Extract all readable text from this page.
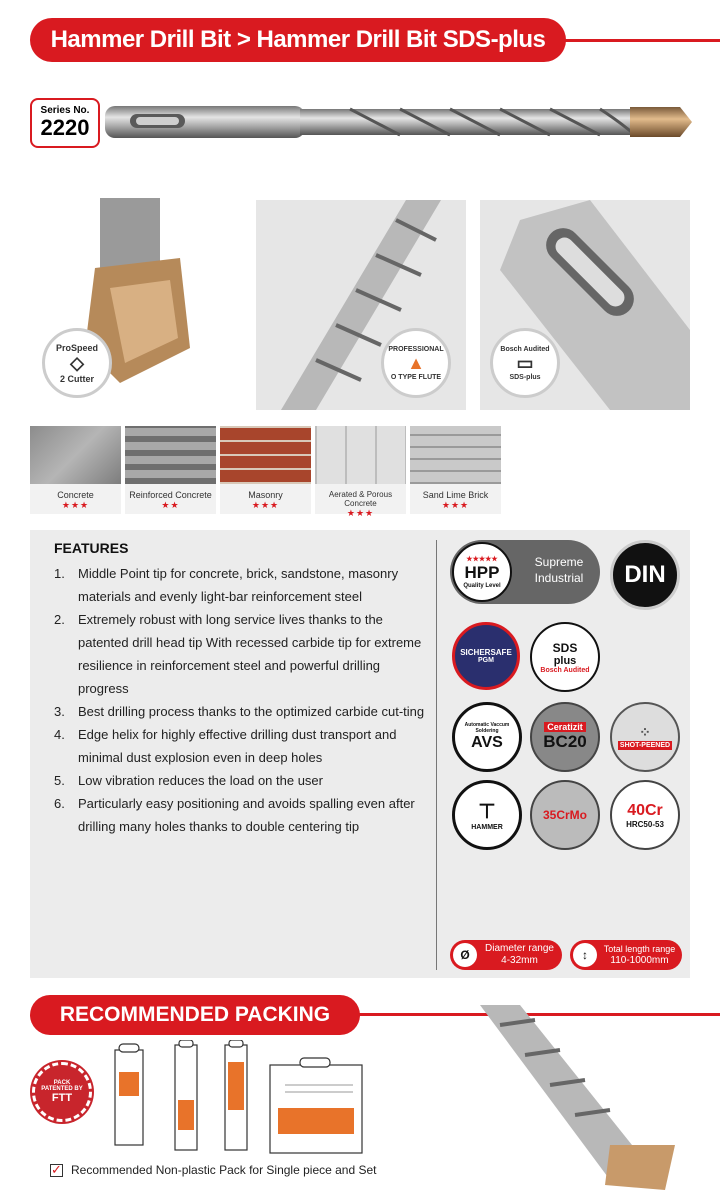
Hammer Drill Bit > Hammer Drill Bit SDS-plus
Series No.
2220
ProSpeed
◇
2 Cutter
PROFESSIONAL
▲
O TYPE FLUTE
Bosch Audited
▭
SDS-plus
Concrete
★★★
Reinforced Concrete
★★
Masonry
★★★
Aerated & Porous Concrete
★★★
Sand Lime Brick
★★★
FEATURES
1. Middle Point tip for concrete, brick, sandstone, masonry materials and evenly light-bar reinforcement steel
2. Extremely robust with long service lives thanks to the patented drill head tip With recessed carbide tip for extreme resilience in reinforcement steel and powerful drilling progress
3. Best drilling process thanks to the optimized carbide cut-ting
4. Edge helix for highly effective drilling dust transport and minimal dust explosion even in deep holes
5. Low vibration reduces the load on the user
6. Particularly easy positioning and avoids spalling even after drilling many holes thanks to double centering tip
★★★★★
HPP
Quality Level
Supreme Industrial	DIN
SICHERSAFE
PGM
SDS
plus
Bosch Audited
Automatic Vaccum Soldering
AVS
Ceratizit
BC20	⁘
SHOT-PEENED
⊤
HAMMER
35CrMo	40Cr
HRC50-53
Ø	Diameter range
4-32mm	↕	Total length range
110-1000mm
RECOMMENDED PACKING
PACK
PATENTED BY
FTT
✓ Recommended Non-plastic Pack for Single piece and Set
